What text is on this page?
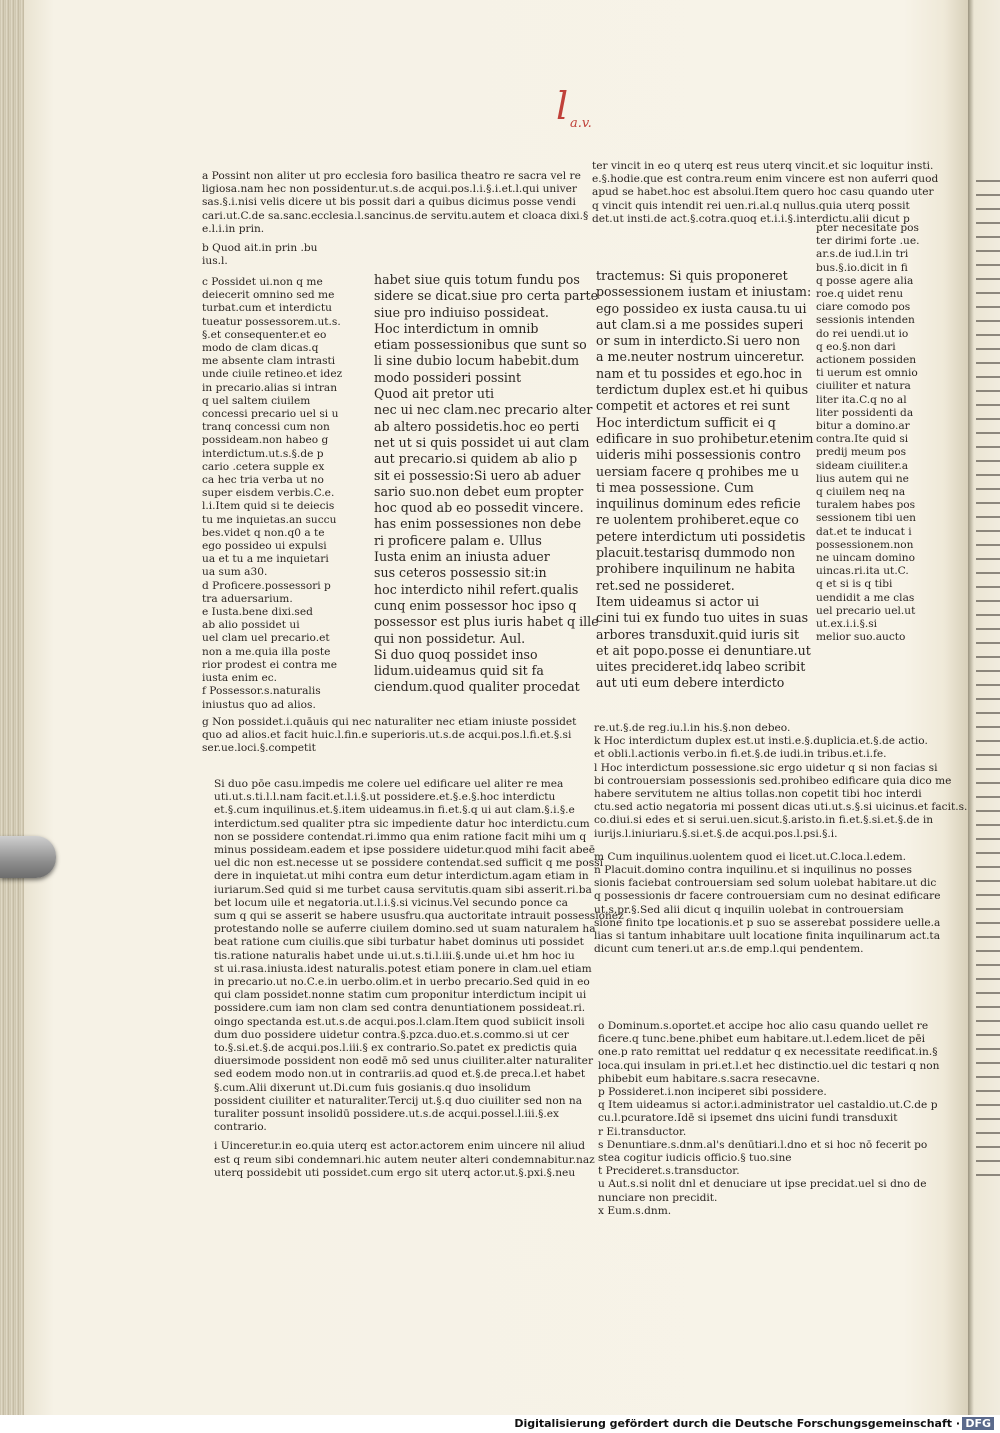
l a.v.
a Possint non aliter ut pro ecclesia foro basilica theatro re sacra vel re
ligiosa.nam hec non possidentur.ut.s.de acqui.pos.l.i.§.i.et.l.qui univer
sas.§.i.nisi velis dicere ut bis possit dari a quibus dicimus posse vendi
cari.ut.C.de sa.sanc.ecclesia.l.sancinus.de servitu.autem et cloaca dixi.§
e.l.i.in prin.
b Quod ait.in prin .bu
ius.l.
ter vincit in eo q uterq est reus uterq vincit.et sic loquitur insti.
e.§.hodie.que est contra.reum enim vincere est non auferri quod
apud se habet.hoc est absolui.Item quero hoc casu quando uter
q vincit quis intendit rei uen.ri.al.q nullus.quia uterq possit
det.ut insti.de act.§.cotra.quoq et.i.i.§.interdictu.alii dicut p
c Possidet ui.non q me
deiecerit omnino sed me
turbat.cum et interdictu
tueatur possessorem.ut.s.
§.et consequenter.et eo
modo de clam dicas.q
me absente clam intrasti
unde ciuile retineo.et idez
in precario.alias si intran
q uel saltem ciuilem
concessi precario uel si u
tranq concessi cum non
possideam.non habeo g
interdictum.ut.s.§.de p
cario .cetera supple ex
ca hec tria verba ut no
super eisdem verbis.C.e.
l.i.Item quid si te deiecis
tu me inquietas.an succu
bes.videt q non.q0 a te
ego possideo ui expulsi
ua et tu a me inquietari
ua sum a30.
d Proficere.possessori p
tra aduersarium.
e Iusta.bene dixi.sed
ab alio possidet ui
uel clam uel precario.et
non a me.quia illa poste
rior prodest ei contra me
iusta enim ec.
f Possessor.s.naturalis
iniustus quo ad alios.
g Non possidet.i.quāuis qui nec naturaliter nec etiam iniuste possidet
quo ad alios.et facit huic.l.fin.e superioris.ut.s.de acqui.pos.l.fi.et.§.si
ser.ue.loci.§.competit
habet siue quis totum fundu pos
sidere se dicat.siue pro certa parte
siue pro indiuiso possideat.
Hoc interdictum in omnib
etiam possessionibus que sunt so
li sine dubio locum habebit.dum
modo possideri possint
Quod ait pretor uti
nec ui nec clam.nec precario alter
ab altero possidetis.hoc eo perti
net ut si quis possidet ui aut clam
aut precario.si quidem ab alio p
sit ei possessio:Si uero ab aduer
sario suo.non debet eum propter
hoc quod ab eo possedit vincere.
has enim possessiones non debe
ri proficere palam e. Ullus
Iusta enim an iniusta aduer
sus ceteros possessio sit:in
hoc interdicto nihil refert.qualis
cunq enim possessor hoc ipso q
possessor est plus iuris habet q ille
qui non possidetur. Aul.
Si duo quoq possidet inso
lidum.uideamus quid sit fa
ciendum.quod qualiter procedat
tractemus: Si quis proponeret
possessionem iustam et iniustam:
ego possideo ex iusta causa.tu ui
aut clam.si a me possides superi
or sum in interdicto.Si uero non
a me.neuter nostrum uinceretur.
nam et tu possides et ego.hoc in
terdictum duplex est.et hi quibus
competit et actores et rei sunt
Hoc interdictum sufficit ei q
edificare in suo prohibetur.etenim
uideris mihi possessionis contro
uersiam facere q prohibes me u
ti mea possessione. Cum
inquilinus dominum edes reficie
re uolentem prohiberet.eque co
petere interdictum uti possidetis
placuit.testarisq dummodo non
prohibere inquilinum ne habita
ret.sed ne possideret.
Item uideamus si actor ui
cini tui ex fundo tuo uites in suas
arbores transduxit.quid iuris sit
et ait popo.posse ei denuntiare.ut
uites precideret.idq labeo scribit
aut uti eum debere interdicto
pter necesitate pos
ter dirimi forte .ue.
ar.s.de iud.l.in tri
bus.§.io.dicit in fi
q posse agere alia
roe.q uidet renu
ciare comodo pos
sessionis intenden
do rei uendi.ut io
q eo.§.non dari
actionem possiden
ti uerum est omnio
ciuiliter et natura
liter ita.C.q no al
liter possidenti da
bitur a domino.ar
contra.Ite quid si
predij meum pos
sideam ciuiliter.a
lius autem qui ne
q ciuilem neq na
turalem habes pos
sessionem tibi uen
dat.et te inducat i
possessionem.non
ne uincam domino
uincas.ri.ita ut.C.
q et si is q tibi
uendidit a me clas
uel precario uel.ut
ut.ex.i.i.§.si
melior suo.aucto
re.ut.§.de reg.iu.l.in his.§.non debeo.
k Hoc interdictum duplex est.ut insti.e.§.duplicia.et.§.de actio.
et obli.l.actionis verbo.in fi.et.§.de iudi.in tribus.et.i.fe.
l Hoc interdictum possessione.sic ergo uidetur q si non facias si
bi controuersiam possessionis sed.prohibeo edificare quia dico me
habere servitutem ne altius tollas.non copetit tibi hoc interdi
ctu.sed actio negatoria mi possent dicas uti.ut.s.§.si uicinus.et facit.s.
co.diui.si edes et si serui.uen.sicut.§.aristo.in fi.et.§.si.et.§.de in
iurijs.l.iniuriaru.§.si.et.§.de acqui.pos.l.psi.§.i.
m Cum inquilinus.uolentem quod ei licet.ut.C.loca.l.edem.
n Placuit.domino contra inquilinu.et si inquilinus no posses
sionis faciebat controuersiam sed solum uolebat habitare.ut dic
q possessionis dr facere controuersiam cum no desinat edificare
ut.s.pr.§.Sed alii dicut q inquilin uolebat in controuersiam
sione finito tpe locationis.et p suo se asserebat possidere uelle.a
lias si tantum inhabitare uult locatione finita inquilinarum act.ta
dicunt cum teneri.ut ar.s.de emp.l.qui pendentem.
Si duo pōe casu.impedis me colere uel edificare uel aliter re mea
uti.ut.s.ti.l.l.nam facit.et.l.i.§.ut possidere.et.§.e.§.hoc interdictu
et.§.cum inquilinus.et.§.item uideamus.in fi.et.§.q ui aut clam.§.i.§.e
interdictum.sed qualiter ptra sic impediente datur hoc interdictu.cum
non se possidere contendat.ri.immo qua enim ratione facit mihi um q
minus possideam.eadem et ipse possidere uidetur.quod mihi facit abeē
uel dic non est.necesse ut se possidere contendat.sed sufficit q me possi
dere in inquietat.ut mihi contra eum detur interdictum.agam etiam in
iuriarum.Sed quid si me turbet causa servitutis.quam sibi asserit.ri.ba
bet locum uile et negatoria.ut.l.i.§.si vicinus.Vel secundo ponce ca
sum q qui se asserit se habere ususfru.qua auctoritate intrauit possessionez
protestando nolle se auferre ciuilem domino.sed ut suam naturalem ha
beat ratione cum ciuilis.que sibi turbatur habet dominus uti possidet
tis.ratione naturalis habet unde ui.ut.s.ti.l.iii.§.unde ui.et hm hoc iu
st ui.rasa.iniusta.idest naturalis.potest etiam ponere in clam.uel etiam
in precario.ut no.C.e.in uerbo.olim.et in uerbo precario.Sed quid in eo
qui clam possidet.nonne statim cum proponitur interdictum incipit ui
possidere.cum iam non clam sed contra denuntiationem possideat.ri.
oingo spectanda est.ut.s.de acqui.pos.l.clam.Item quod subiicit insoli
dum duo possidere uidetur contra.§.pzca.duo.et.s.commo.si ut cer
to.§.si.et.§.de acqui.pos.l.iii.§ ex contrario.So.patet ex predictis quia
diuersimode possident non eodē mō sed unus ciuiliter.alter naturaliter
sed eodem modo non.ut in contrariis.ad quod et.§.de preca.l.et habet
§.cum.Alii dixerunt ut.Di.cum fuis gosianis.q duo insolidum
possident ciuiliter et naturaliter.Tercij ut.§.q duo ciuiliter sed non na
turaliter possunt insolidū possidere.ut.s.de acqui.possel.l.iii.§.ex
contrario.
i Uinceretur.in eo.quia uterq est actor.actorem enim uincere nil aliud
est q reum sibi condemnari.hic autem neuter alteri condemnabitur.naz
uterq possidebit uti possidet.cum ergo sit uterq actor.ut.§.pxi.§.neu
o Dominum.s.oportet.et accipe hoc alio casu quando uellet re
ficere.q tunc.bene.phibet eum habitare.ut.l.edem.licet de pēi
one.p rato remittat uel reddatur q ex necessitate reedificat.in.§
loca.qui insulam in pri.et.l.et hec distinctio.uel dic testari q non
phibebit eum habitare.s.sacra resecavne.
p Possideret.i.non inciperet sibi possidere.
q Item uideamus si actor.i.administrator uel castaldio.ut.C.de p
cu.l.pcuratore.Idē si ipsemet dns uicini fundi transduxit
r Ei.transductor.
s Denuntiare.s.dnm.al's denūtiari.l.dno et si hoc nō fecerit po
stea cogitur iudicis officio.§ tuo.sine
t Precideret.s.transductor.
u Aut.s.si nolit dnl et denuciare ut ipse precidat.uel si dno de
nunciare non precidit.
x Eum.s.dnm.
Digitalisierung gefördert durch die Deutsche Forschungsgemeinschaft · DFG
